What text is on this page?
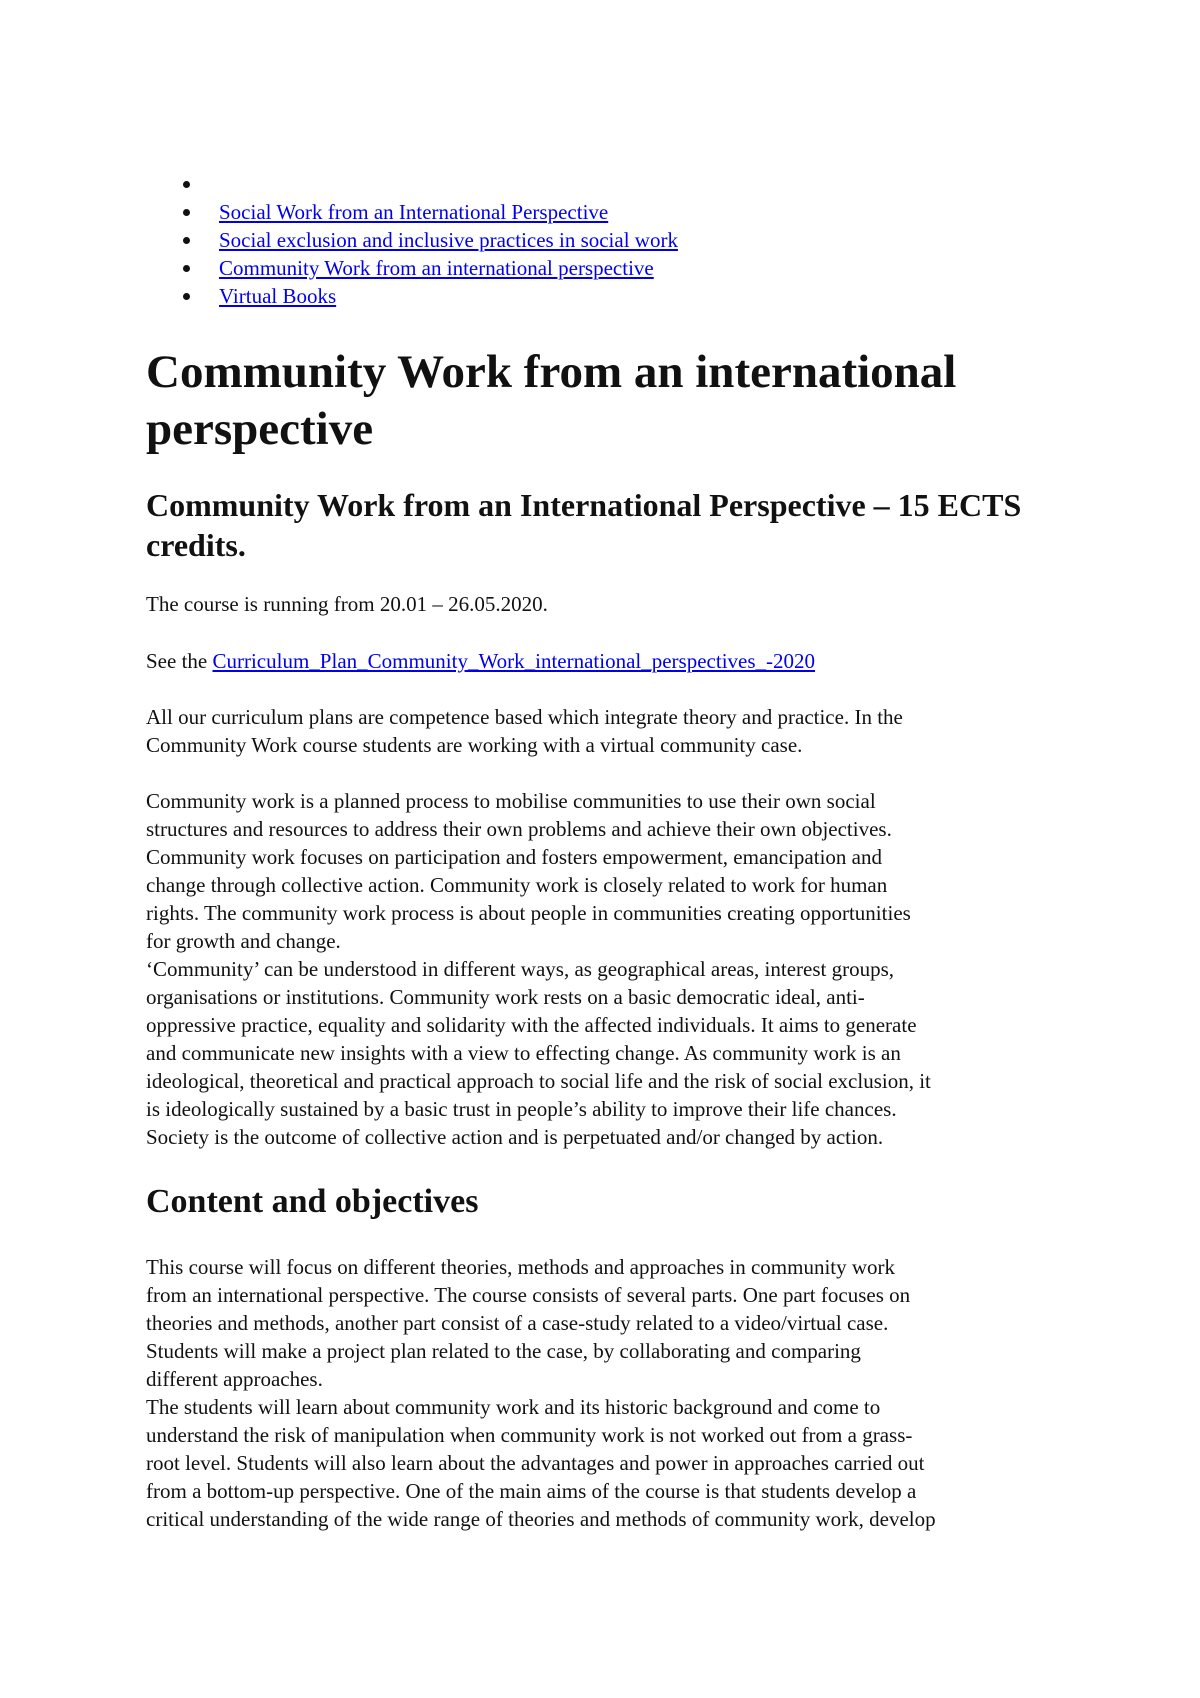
Social Work from an International Perspective
Social exclusion and inclusive practices in social work
Community Work from an international perspective
Virtual Books
Community Work from an international perspective
Community Work from an International Perspective – 15 ECTS credits.

The course is running from 20.01 – 26.05.2020.

See the Curriculum_Plan_Community_Work_international_perspectives_-2020

All our curriculum plans are competence based which integrate theory and practice. In the
Community Work course students are working with a virtual community case.

Community work is a planned process to mobilise communities to use their own social
structures and resources to address their own problems and achieve their own objectives.
Community work focuses on participation and fosters empowerment, emancipation and
change through collective action. Community work is closely related to work for human
rights. The community work process is about people in communities creating opportunities
for growth and change.
‘Community’ can be understood in different ways, as geographical areas, interest groups,
organisations or institutions. Community work rests on a basic democratic ideal, anti-
oppressive practice, equality and solidarity with the affected individuals. It aims to generate
and communicate new insights with a view to effecting change. As community work is an
ideological, theoretical and practical approach to social life and the risk of social exclusion, it
is ideologically sustained by a basic trust in people’s ability to improve their life chances.
Society is the outcome of collective action and is perpetuated and/or changed by action.

Content and objectives

This course will focus on different theories, methods and approaches in community work
from an international perspective. The course consists of several parts. One part focuses on
theories and methods, another part consist of a case-study related to a video/virtual case.
Students will make a project plan related to the case, by collaborating and comparing
different approaches.
The students will learn about community work and its historic background and come to
understand the risk of manipulation when community work is not worked out from a grass-
root level. Students will also learn about the advantages and power in approaches carried out
from a bottom-up perspective. One of the main aims of the course is that students develop a
critical understanding of the wide range of theories and methods of community work, develop
